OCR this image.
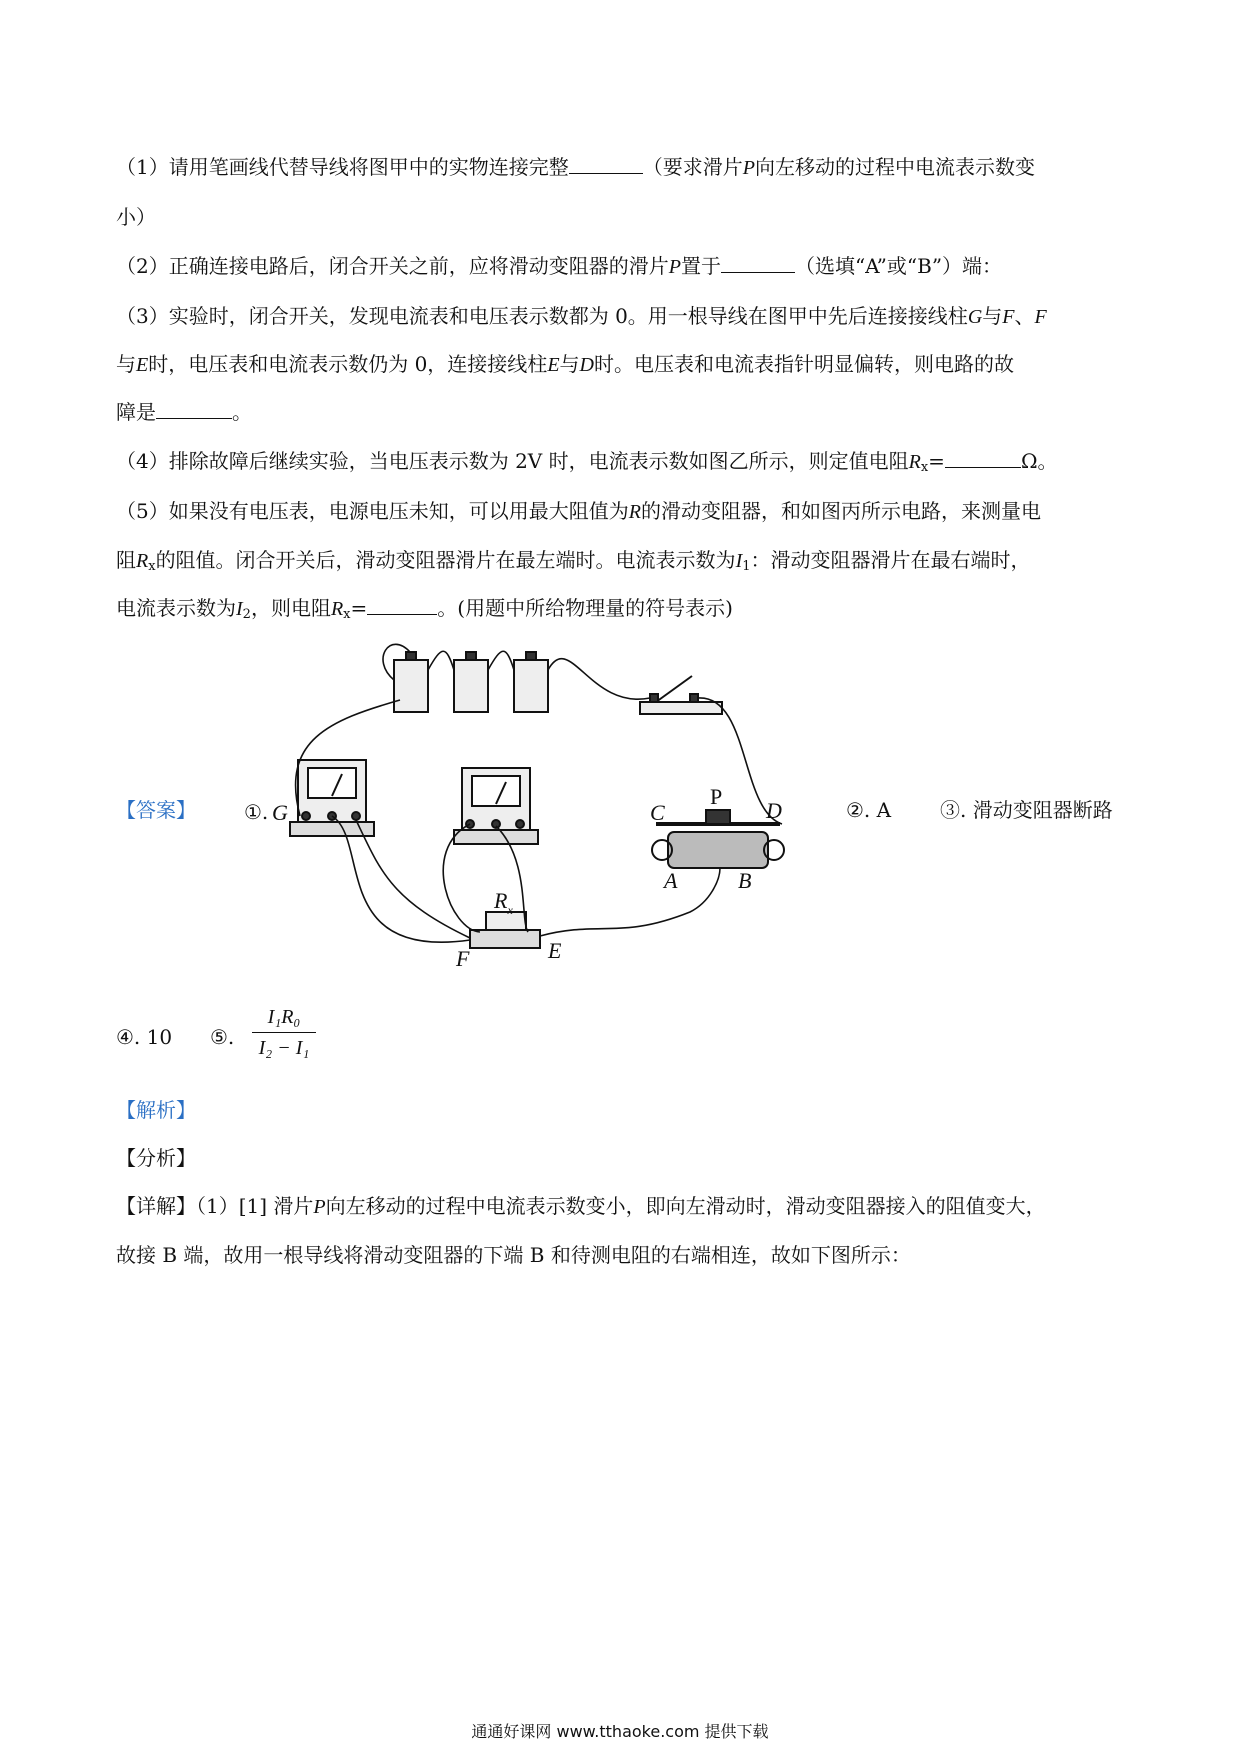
（1）请用笔画线代替导线将图甲中的实物连接完整	（要求滑片P向左移动的过程中电流表示数变
小）
（2）正确连接电路后，闭合开关之前，应将滑动变阻器的滑片P置于	（选填“A”或“B”）端：
（3）实验时，闭合开关，发现电流表和电压表示数都为 0。用一根导线在图甲中先后连接接线柱G与F、F
与E时，电压表和电流表示数仍为 0，连接接线柱E与D时。电压表和电流表指针明显偏转，则电路的故
障是	。
（4）排除故障后继续实验，当电压表示数为 2V 时，电流表示数如图乙所示，则定值电阻$R_x=$	Ω。
（5）如果没有电压表，电源电压未知，可以用最大阻值为R的滑动变阻器，和如图丙所示电路，来测量电
阻$R_x$的阻值。闭合开关后，滑动变阻器滑片在最左端时。电流表示数为$I_1$：滑动变阻器滑片在最右端时，
电流表示数为$I_2$，则电阻$R_x=$	。(用题中所给物理量的符号表示)
【答案】 ①. G	C
P
D
A	B
$R_x$
F	E
②. A ③. 滑动变阻器断路
④. 10 ⑤.
I₁R₀
I₂ − I₁
【解析】
【分析】
【详解】（1）[1] 滑片P向左移动的过程中电流表示数变小，即向左滑动时，滑动变阻器接入的阻值变大，
故接 B 端，故用一根导线将滑动变阻器的下端 B 和待测电阻的右端相连，故如下图所示：
通通好课网 www.tthaoke.com 提供下载
